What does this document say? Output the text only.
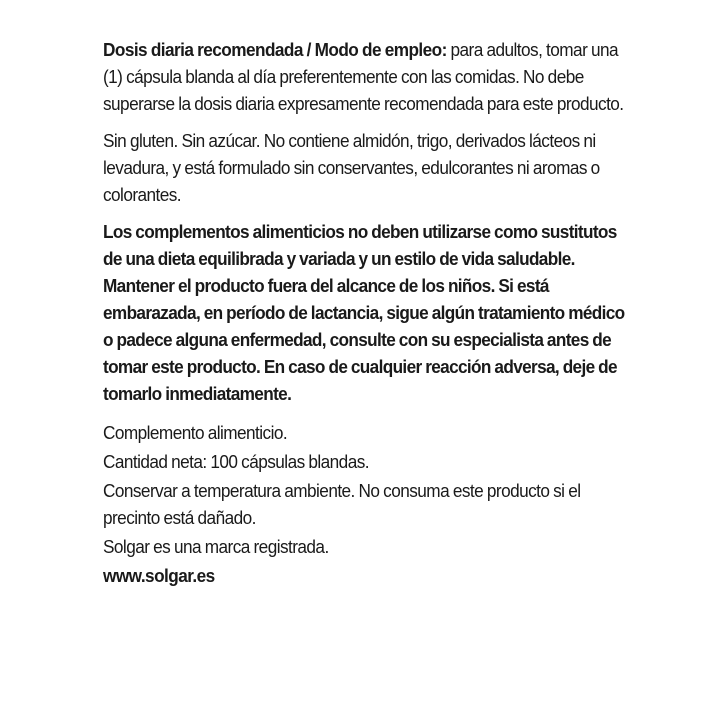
Dosis diaria recomendada / Modo de empleo: para adultos, tomar una (1) cápsula blanda al día preferentemente con las comidas. No debe superarse la dosis diaria expresamente recomendada para este producto.

Sin gluten. Sin azúcar. No contiene almidón, trigo, derivados lácteos ni levadura, y está formulado sin conservantes, edulcorantes ni aromas o colorantes.

Los complementos alimenticios no deben utilizarse como sustitutos de una dieta equilibrada y variada y un estilo de vida saludable. Mantener el producto fuera del alcance de los niños. Si está embarazada, en período de lactancia, sigue algún tratamiento médico o padece alguna enfermedad, consulte con su especialista antes de tomar este producto. En caso de cualquier reacción adversa, deje de tomarlo inmediatamente.

Complemento alimenticio.

Cantidad neta: 100 cápsulas blandas.

Conservar a temperatura ambiente. No consuma este producto si el precinto está dañado.

Solgar es una marca registrada.

www.solgar.es
